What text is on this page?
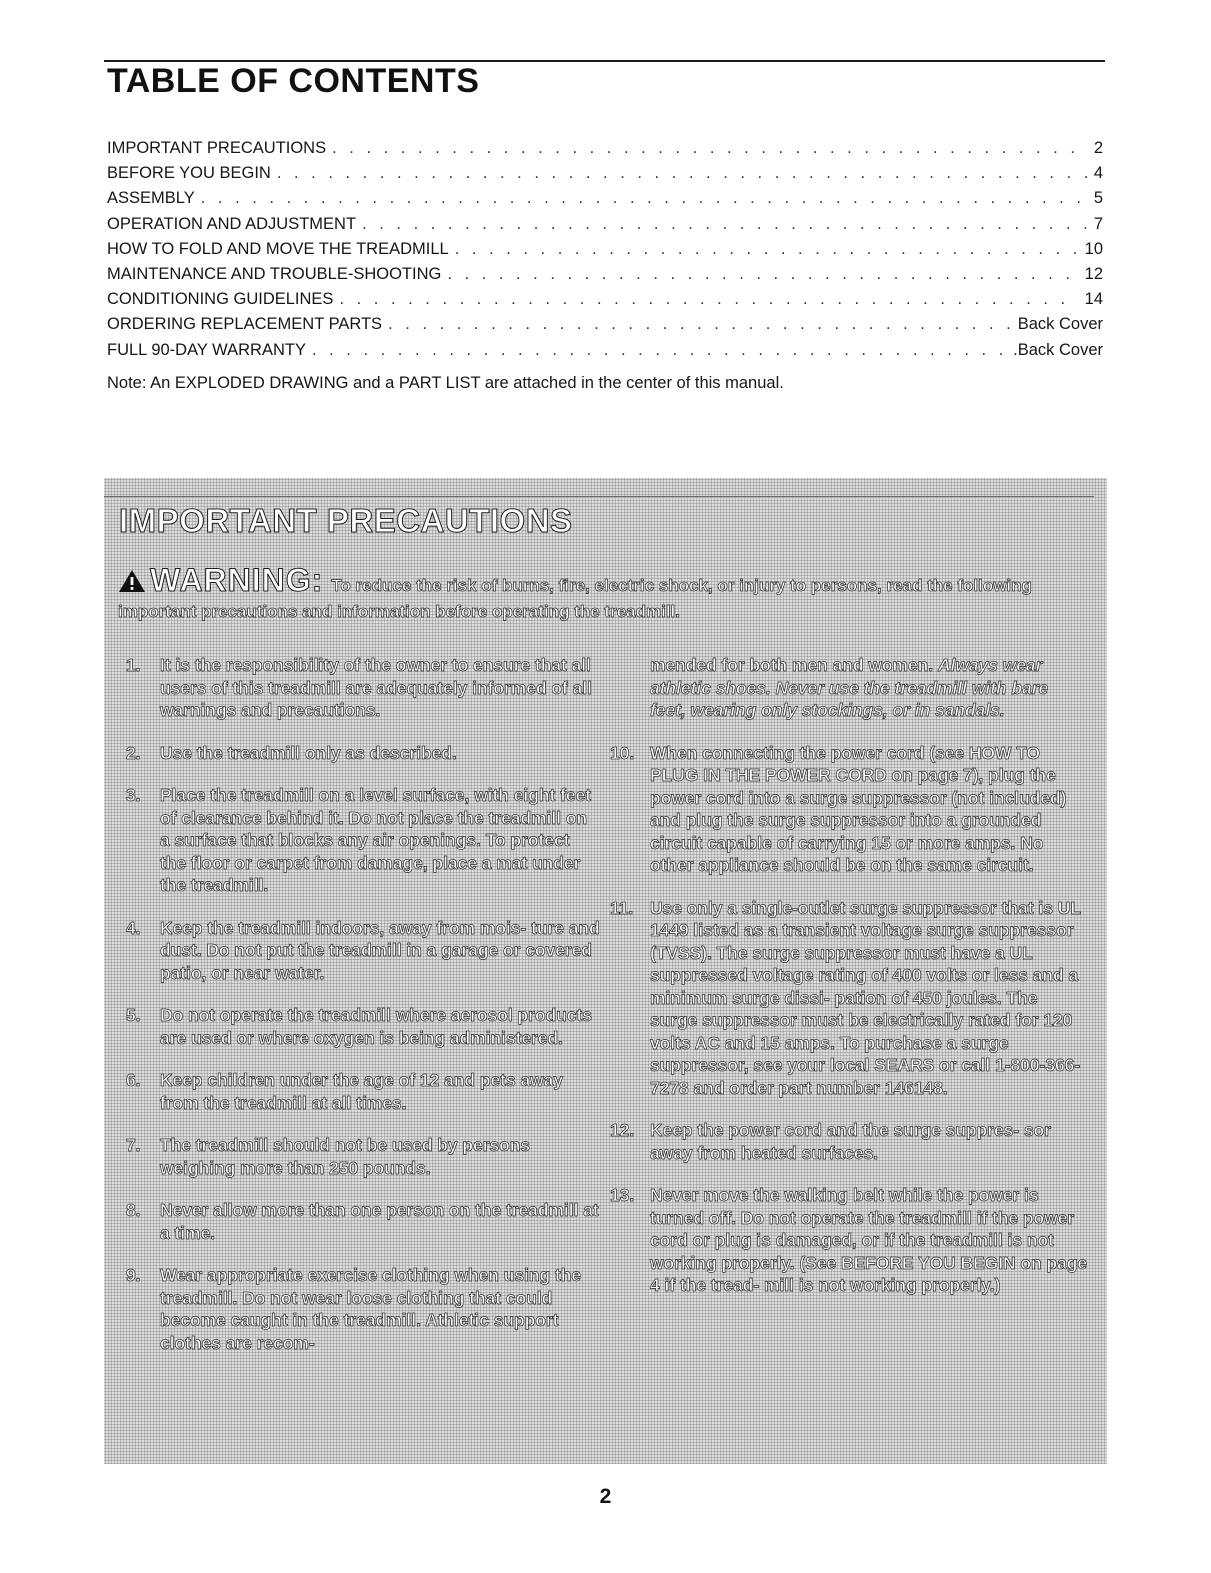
TABLE OF CONTENTS
IMPORTANT PRECAUTIONS . . .	2
BEFORE YOU BEGIN . . .	4
ASSEMBLY . . .	5
OPERATION AND ADJUSTMENT . . .	7
HOW TO FOLD AND MOVE THE TREADMILL . . .	10
MAINTENANCE AND TROUBLE-SHOOTING . . .	12
CONDITIONING GUIDELINES . . .	14
ORDERING REPLACEMENT PARTS . . .	Back Cover
FULL 90-DAY WARRANTY . . .	.Back Cover

Note: An EXPLODED DRAWING and a PART LIST are attached in the center of this manual.

IMPORTANT PRECAUTIONS
WARNING: To reduce the risk of burns, fire, electric shock, or injury to persons, read the following important precautions and information before operating the treadmill.
1. It is the responsibility of the owner to ensure that all users of this treadmill are adequately informed of all warnings and precautions.
2. Use the treadmill only as described.
3. Place the treadmill on a level surface, with eight feet of clearance behind it. Do not place the treadmill on a surface that blocks any air openings. To protect the floor or carpet from damage, place a mat under the treadmill.
4. Keep the treadmill indoors, away from mois- ture and dust. Do not put the treadmill in a garage or covered patio, or near water.
5. Do not operate the treadmill where aerosol products are used or where oxygen is being administered.
6. Keep children under the age of 12 and pets away from the treadmill at all times.
7. The treadmill should not be used by persons weighing more than 250 pounds.
8. Never allow more than one person on the treadmill at a time.
9. Wear appropriate exercise clothing when using the treadmill. Do not wear loose clothing that could become caught in the treadmill. Athletic support clothes are recom-
mended for both men and women. Always wear athletic shoes. Never use the treadmill with bare feet, wearing only stockings, or in sandals.
10. When connecting the power cord (see HOW TO PLUG IN THE POWER CORD on page 7), plug the power cord into a surge suppressor (not included) and plug the surge suppressor into a grounded circuit capable of carrying 15 or more amps. No other appliance should be on the same circuit.
11. Use only a single-outlet surge suppressor that is UL 1449 listed as a transient voltage surge suppressor (TVSS). The surge suppressor must have a UL suppressed voltage rating of 400 volts or less and a minimum surge dissi- pation of 450 joules. The surge suppressor must be electrically rated for 120 volts AC and 15 amps. To purchase a surge suppressor, see your local SEARS or call 1-800-366-7278 and order part number 146148.
12. Keep the power cord and the surge suppres- sor away from heated surfaces.
13. Never move the walking belt while the power is turned off. Do not operate the treadmill if the power cord or plug is damaged, or if the treadmill is not working properly. (See BEFORE YOU BEGIN on page 4 if the tread- mill is not working properly.)

2
